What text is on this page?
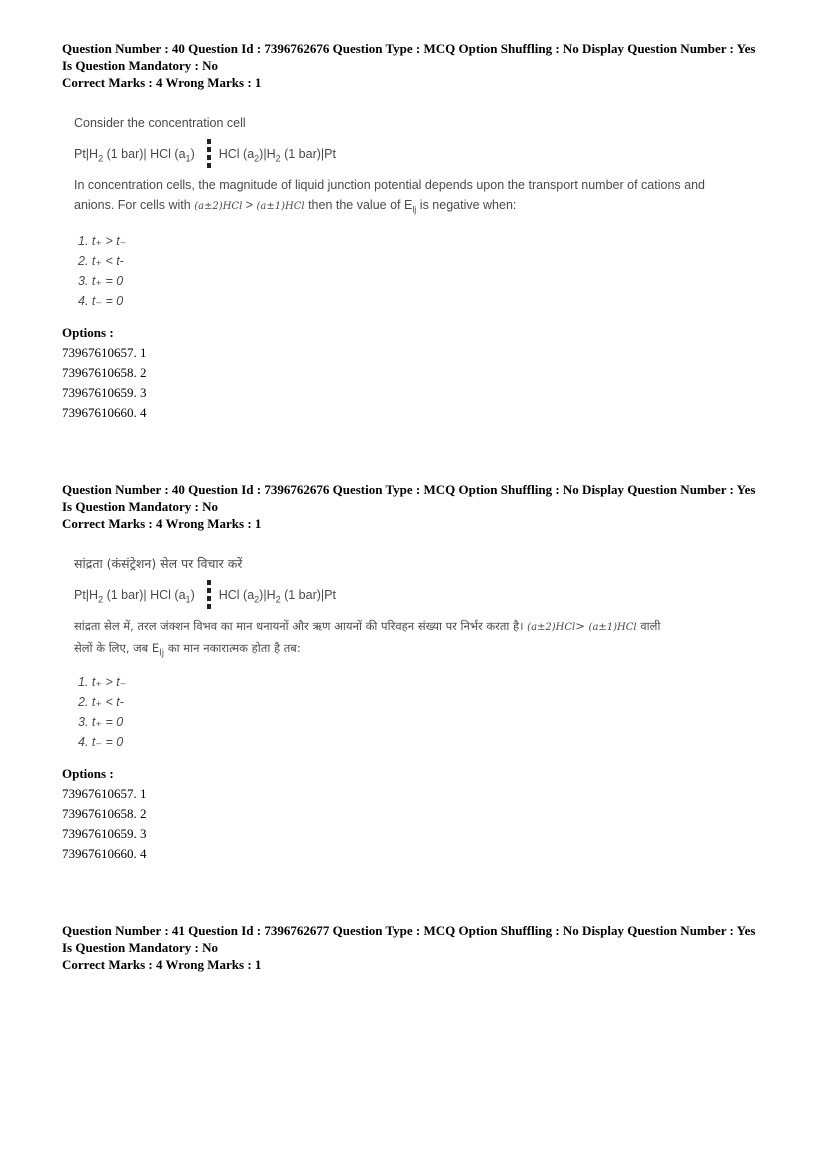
Question Number : 40 Question Id : 7396762676 Question Type : MCQ Option Shuffling : No Display Question Number : Yes
Is Question Mandatory : No
Correct Marks : 4 Wrong Marks : 1
Consider the concentration cell
$Pt|H_2$ (1 bar)| HCl $(a_1)$ HCl $(a_2)|H_2$ (1 bar)|Pt
In concentration cells, the magnitude of liquid junction potential depends upon the transport number of cations and
anions. For cells with (a±2)HCl > (a±1)HCl then the value of $E_{lj}$ is negative when:
1. t₊ > t₋
2. t₊ < t-
3. t₊ = 0
4. t₋ = 0
Options :
73967610657. 1
73967610658. 2
73967610659. 3
73967610660. 4
Question Number : 40 Question Id : 7396762676 Question Type : MCQ Option Shuffling : No Display Question Number : Yes
Is Question Mandatory : No
Correct Marks : 4 Wrong Marks : 1
सांद्रता (कंसंट्रेशन) सेल पर विचार करें
$Pt|H_2$ (1 bar)| HCl $(a_1)$ HCl $(a_2)|H_2$ (1 bar)|Pt
सांद्रता सेल में, तरल जंक्शन विभव का मान धनायनों और ऋण आयनों की परिवहन संख्या पर निर्भर करता है। (a±2)HCl> (a±1)HCl वाली
सेलों के लिए, जब $E_{lj}$ का मान नकारात्मक होता है तब:
1. t₊ > t₋
2. t₊ < t-
3. t₊ = 0
4. t₋ = 0
Options :
73967610657. 1
73967610658. 2
73967610659. 3
73967610660. 4
Question Number : 41 Question Id : 7396762677 Question Type : MCQ Option Shuffling : No Display Question Number : Yes
Is Question Mandatory : No
Correct Marks : 4 Wrong Marks : 1
